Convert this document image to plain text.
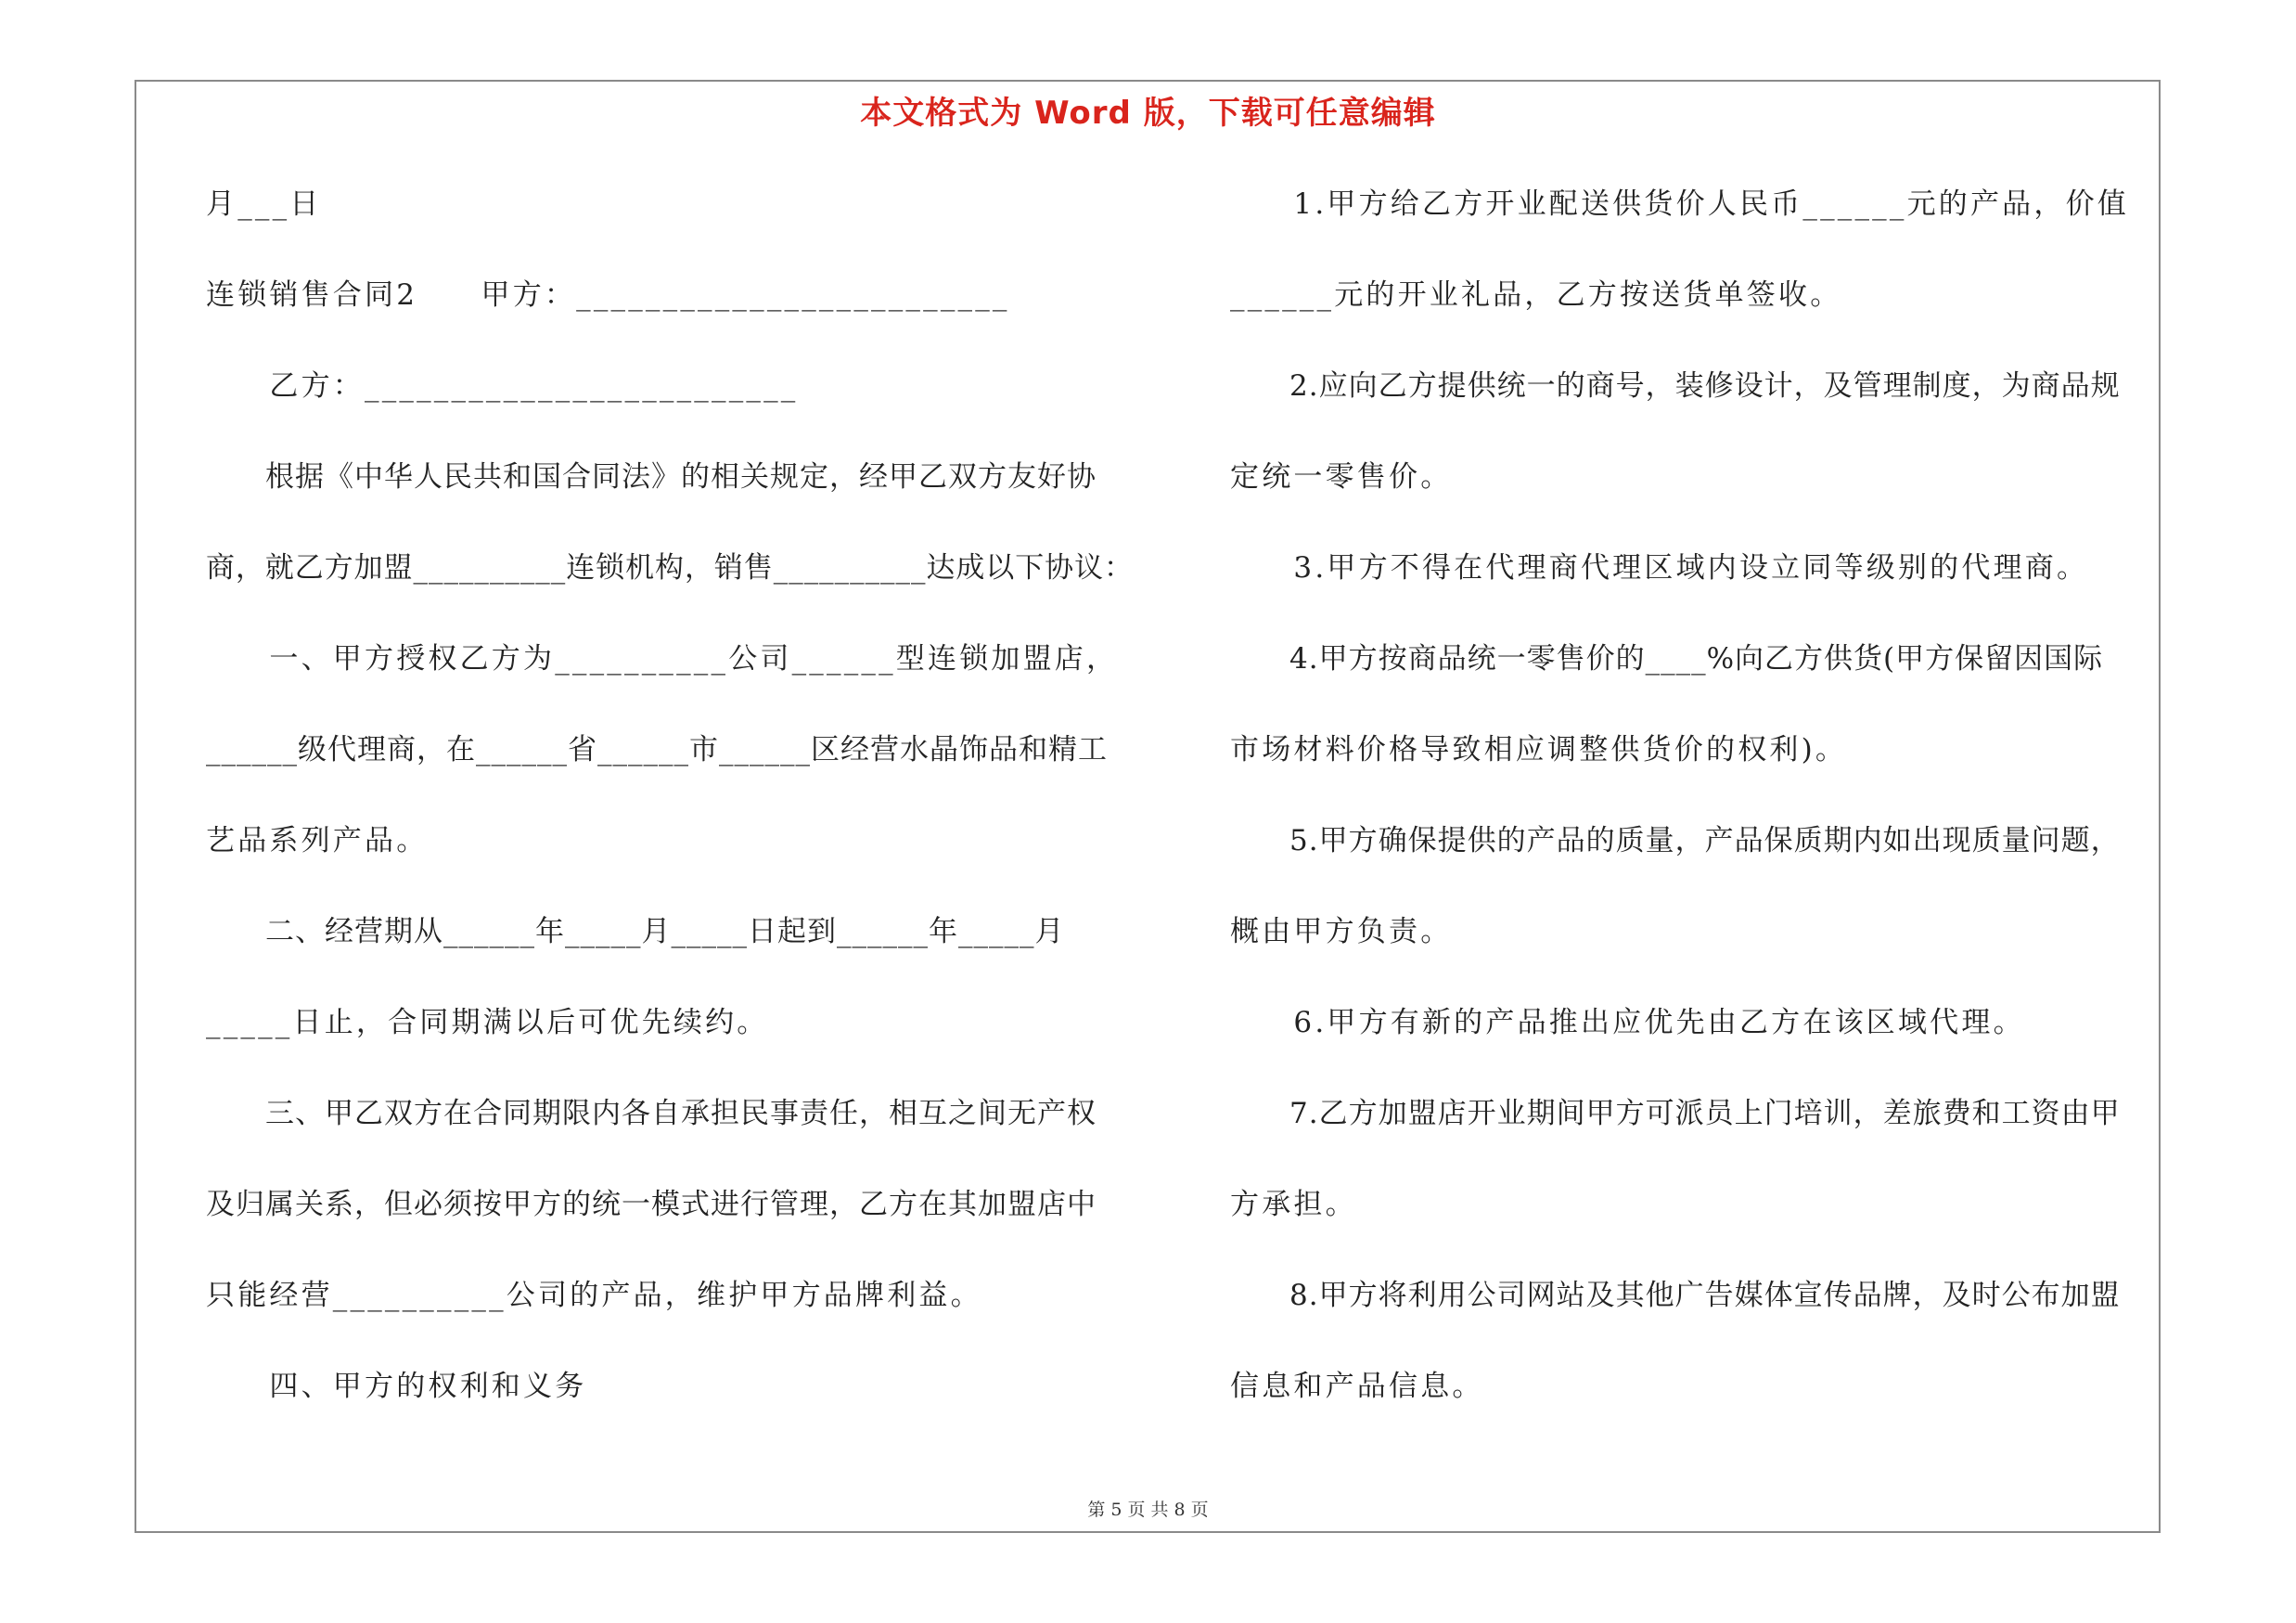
本文格式为 Word 版，下载可任意编辑
月___日
连锁销售合同2　　甲方：_________________________
　　乙方：_________________________
　　根据《中华人民共和国合同法》的相关规定，经甲乙双方友好协
商，就乙方加盟__________连锁机构，销售__________达成以下协议：
　　一、甲方授权乙方为__________公司______型连锁加盟店，
______级代理商，在______省______市______区经营水晶饰品和精工
艺品系列产品。
　　二、经营期从______年_____月_____日起到______年_____月
_____日止，合同期满以后可优先续约。
　　三、甲乙双方在合同期限内各自承担民事责任，相互之间无产权
及归属关系，但必须按甲方的统一模式进行管理，乙方在其加盟店中
只能经营__________公司的产品，维护甲方品牌利益。
　　四、甲方的权利和义务
　　1.甲方给乙方开业配送供货价人民币______元的产品，价值
______元的开业礼品，乙方按送货单签收。
　　2.应向乙方提供统一的商号，装修设计，及管理制度，为商品规
定统一零售价。
　　3.甲方不得在代理商代理区域内设立同等级别的代理商。
　　4.甲方按商品统一零售价的____%向乙方供货(甲方保留因国际
市场材料价格导致相应调整供货价的权利)。
　　5.甲方确保提供的产品的质量，产品保质期内如出现质量问题，
概由甲方负责。
　　6.甲方有新的产品推出应优先由乙方在该区域代理。
　　7.乙方加盟店开业期间甲方可派员上门培训，差旅费和工资由甲
方承担。
　　8.甲方将利用公司网站及其他广告媒体宣传品牌，及时公布加盟
信息和产品信息。
第 5 页 共 8 页
